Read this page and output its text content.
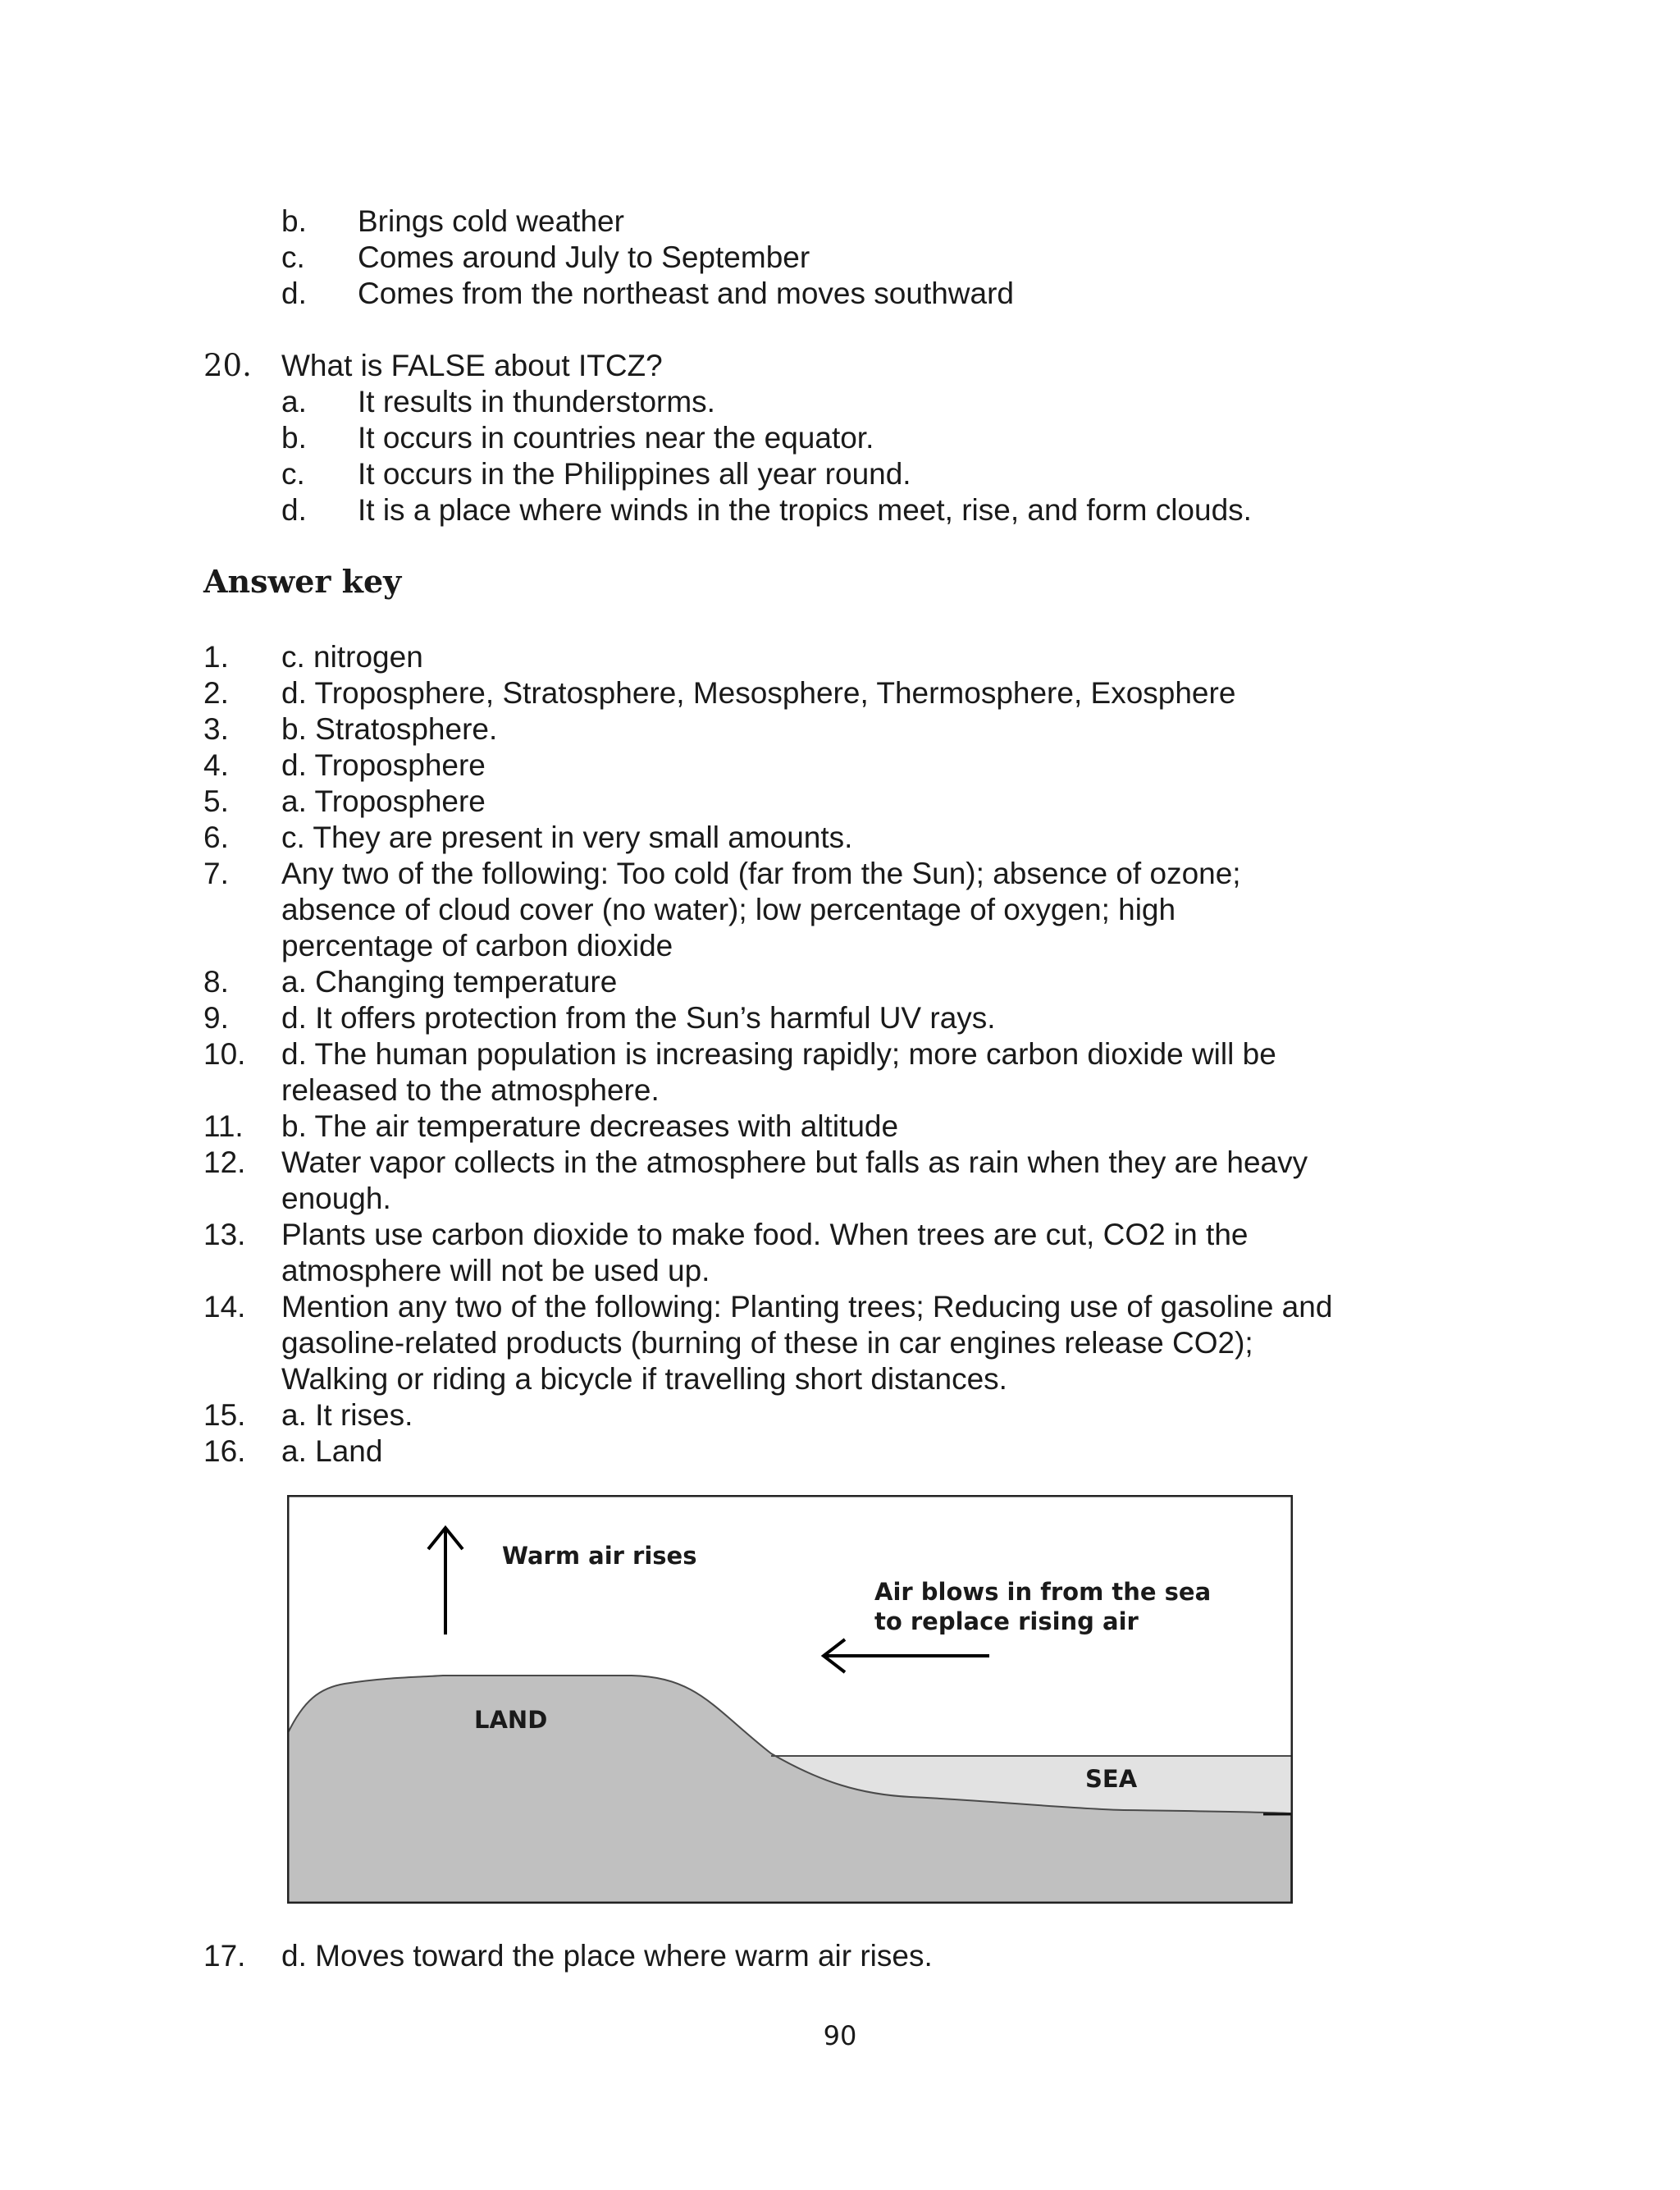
b. Brings cold weather
c. Comes around July to September
d. Comes from the northeast and moves southward
20. What is FALSE about ITCZ?
a. It results in thunderstorms.
b. It occurs in countries near the equator.
c. It occurs in the Philippines all year round.
d. It is a place where winds in the tropics meet, rise, and form clouds.
Answer key
1. c. nitrogen
2. d. Troposphere, Stratosphere, Mesosphere, Thermosphere, Exosphere
3. b. Stratosphere.
4. d. Troposphere
5. a. Troposphere
6. c. They are present in very small amounts.
7. Any two of the following: Too cold (far from the Sun); absence of ozone;
absence of cloud cover (no water); low percentage of oxygen; high
percentage of carbon dioxide
8. a. Changing temperature
9. d. It offers protection from the Sun’s harmful UV rays.
10. d. The human population is increasing rapidly; more carbon dioxide will be
released to the atmosphere.
11. b. The air temperature decreases with altitude
12. Water vapor collects in the atmosphere but falls as rain when they are heavy
enough.
13. Plants use carbon dioxide to make food. When trees are cut, CO2 in the
atmosphere will not be used up.
14. Mention any two of the following: Planting trees; Reducing use of gasoline and
gasoline-related products (burning of these in car engines release CO2);
Walking or riding a bicycle if travelling short distances.
15. a. It rises.
16. a. Land
Warm air rises
Air blows in from the sea
to replace rising air
LAND
SEA
17. d. Moves toward the place where warm air rises.
90
